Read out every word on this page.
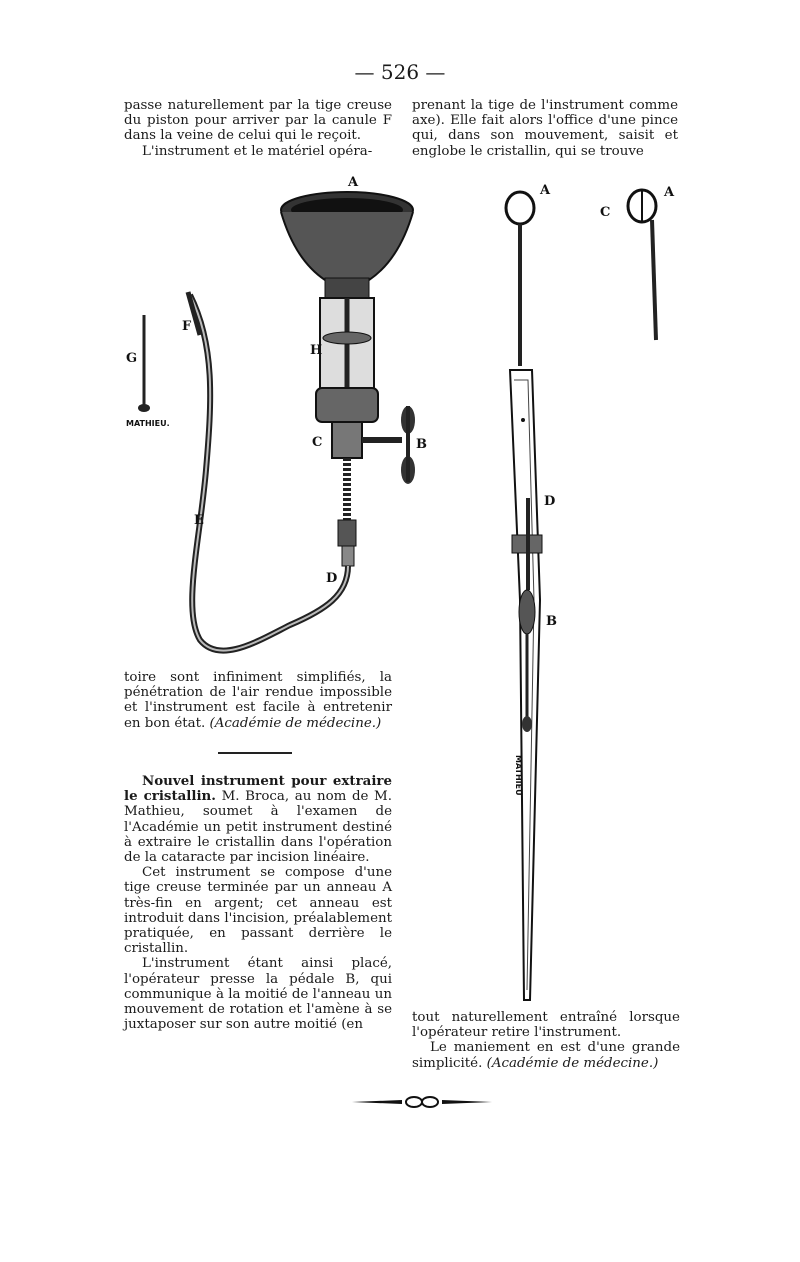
— 526 —

passe naturellement par la tige creuse du piston pour arriver par la canule F dans la veine de celui qui le reçoit.

L'instrument et le matériel opéra-

prenant la tige de l'instrument comme axe). Elle fait alors l'office d'une pince qui, dans son mouvement, saisit et englobe le cristallin, qui se trouve

A
F
G
H
C	B
E
D
MATHIEU.
A	A
C
D
B
MATHIEU

toire sont infiniment simplifiés, la pénétration de l'air rendue impossible et l'instrument est facile à entretenir en bon état. (Académie de médecine.)

Nouvel instrument pour extraire le cristallin. M. Broca, au nom de M. Mathieu, soumet à l'examen de l'Académie un petit instrument destiné à extraire le cristallin dans l'opération de la cataracte par incision linéaire.

Cet instrument se compose d'une tige creuse terminée par un anneau A très-fin en argent; cet anneau est introduit dans l'incision, préalablement pratiquée, en passant derrière le cristallin.

L'instrument étant ainsi placé, l'opérateur presse la pédale B, qui communique à la moitié de l'anneau un mouvement de rotation et l'amène à se juxtaposer sur son autre moitié (en	tout naturellement entraîné lorsque l'opérateur retire l'instrument.

Le maniement en est d'une grande simplicité. (Académie de médecine.)
